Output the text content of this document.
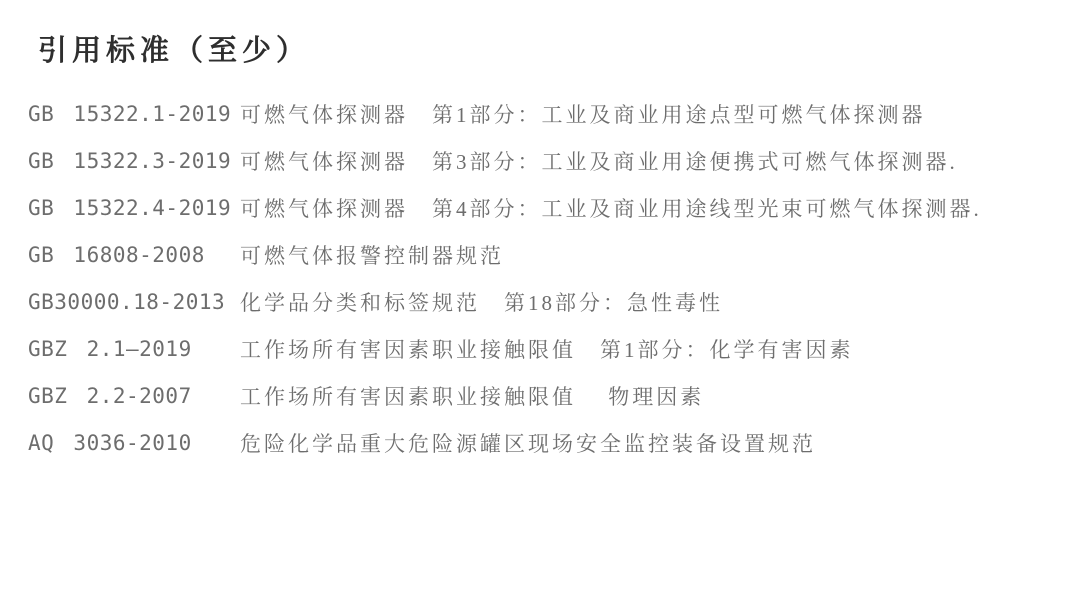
引用标准（至少）
GB 15322.1-2019 可燃气体探测器　第1部分：工业及商业用途点型可燃气体探测器
GB 15322.3-2019 可燃气体探测器　第3部分：工业及商业用途便携式可燃气体探测器.
GB 15322.4-2019 可燃气体探测器　第4部分：工业及商业用途线型光束可燃气体探测器.
GB 16808-2008	可燃气体报警控制器规范
GB30000.18-2013 化学品分类和标签规范　第18部分：急性毒性
GBZ 2.1—2019	工作场所有害因素职业接触限值　第1部分：化学有害因素
GBZ 2.2-2007	工作场所有害因素职业接触限值　 物理因素
AQ 3036-2010	危险化学品重大危险源罐区现场安全监控装备设置规范
